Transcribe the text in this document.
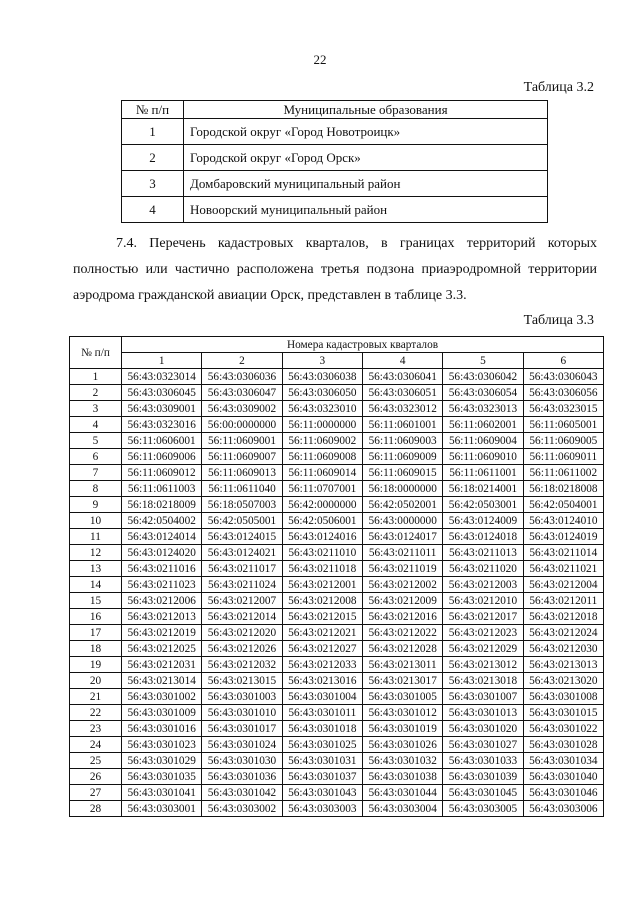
22
Таблица 3.2
№ п/п	Муниципальные образования
1	Городской округ «Город Новотроицк»
2	Городской округ «Город Орск»
3	Домбаровский муниципальный район
4	Новоорский муниципальный район
7.4. Перечень кадастровых кварталов, в границах территорий которых полностью или частично расположена третья подзона приаэродромной территории аэродрома гражданской авиации Орск, представлен в таблице 3.3.
Таблица 3.3
№ п/п	Номера кадастровых кварталов					
	1	2	3	4	5	6
1	56:43:0323014	56:43:0306036	56:43:0306038	56:43:0306041	56:43:0306042	56:43:0306043
2	56:43:0306045	56:43:0306047	56:43:0306050	56:43:0306051	56:43:0306054	56:43:0306056
3	56:43:0309001	56:43:0309002	56:43:0323010	56:43:0323012	56:43:0323013	56:43:0323015
4	56:43:0323016	56:00:0000000	56:11:0000000	56:11:0601001	56:11:0602001	56:11:0605001
5	56:11:0606001	56:11:0609001	56:11:0609002	56:11:0609003	56:11:0609004	56:11:0609005
6	56:11:0609006	56:11:0609007	56:11:0609008	56:11:0609009	56:11:0609010	56:11:0609011
7	56:11:0609012	56:11:0609013	56:11:0609014	56:11:0609015	56:11:0611001	56:11:0611002
8	56:11:0611003	56:11:0611040	56:11:0707001	56:18:0000000	56:18:0214001	56:18:0218008
9	56:18:0218009	56:18:0507003	56:42:0000000	56:42:0502001	56:42:0503001	56:42:0504001
10	56:42:0504002	56:42:0505001	56:42:0506001	56:43:0000000	56:43:0124009	56:43:0124010
11	56:43:0124014	56:43:0124015	56:43:0124016	56:43:0124017	56:43:0124018	56:43:0124019
12	56:43:0124020	56:43:0124021	56:43:0211010	56:43:0211011	56:43:0211013	56:43:0211014
13	56:43:0211016	56:43:0211017	56:43:0211018	56:43:0211019	56:43:0211020	56:43:0211021
14	56:43:0211023	56:43:0211024	56:43:0212001	56:43:0212002	56:43:0212003	56:43:0212004
15	56:43:0212006	56:43:0212007	56:43:0212008	56:43:0212009	56:43:0212010	56:43:0212011
16	56:43:0212013	56:43:0212014	56:43:0212015	56:43:0212016	56:43:0212017	56:43:0212018
17	56:43:0212019	56:43:0212020	56:43:0212021	56:43:0212022	56:43:0212023	56:43:0212024
18	56:43:0212025	56:43:0212026	56:43:0212027	56:43:0212028	56:43:0212029	56:43:0212030
19	56:43:0212031	56:43:0212032	56:43:0212033	56:43:0213011	56:43:0213012	56:43:0213013
20	56:43:0213014	56:43:0213015	56:43:0213016	56:43:0213017	56:43:0213018	56:43:0213020
21	56:43:0301002	56:43:0301003	56:43:0301004	56:43:0301005	56:43:0301007	56:43:0301008
22	56:43:0301009	56:43:0301010	56:43:0301011	56:43:0301012	56:43:0301013	56:43:0301015
23	56:43:0301016	56:43:0301017	56:43:0301018	56:43:0301019	56:43:0301020	56:43:0301022
24	56:43:0301023	56:43:0301024	56:43:0301025	56:43:0301026	56:43:0301027	56:43:0301028
25	56:43:0301029	56:43:0301030	56:43:0301031	56:43:0301032	56:43:0301033	56:43:0301034
26	56:43:0301035	56:43:0301036	56:43:0301037	56:43:0301038	56:43:0301039	56:43:0301040
27	56:43:0301041	56:43:0301042	56:43:0301043	56:43:0301044	56:43:0301045	56:43:0301046
28	56:43:0303001	56:43:0303002	56:43:0303003	56:43:0303004	56:43:0303005	56:43:0303006
